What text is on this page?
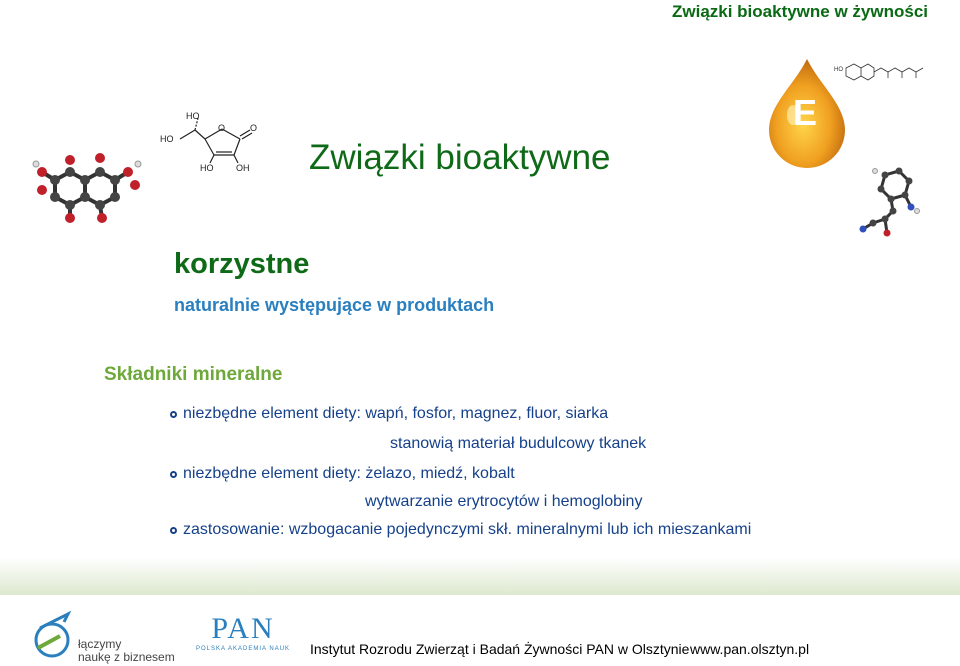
Związki bioaktywne w żywności
HO
HO
O	O
HO	OH Związki bioaktywne
E
HO
korzystne
naturalnie występujące w produktach
Składniki mineralne
niezbędne element diety: wapń, fosfor, magnez, fluor, siarka
stanowią materiał budulcowy tkanek
niezbędne element diety: żelazo, miedź, kobalt
wytwarzanie erytrocytów i hemoglobiny
zastosowanie: wzbogacanie pojedynczymi skł. mineralnymi lub ich mieszankami
łączymy
naukę z biznesem
PAN
POLSKA AKADEMIA NAUK Instytut Rozrodu Zwierząt i Badań Żywności PAN w Olsztynie www.pan.olsztyn.pl
